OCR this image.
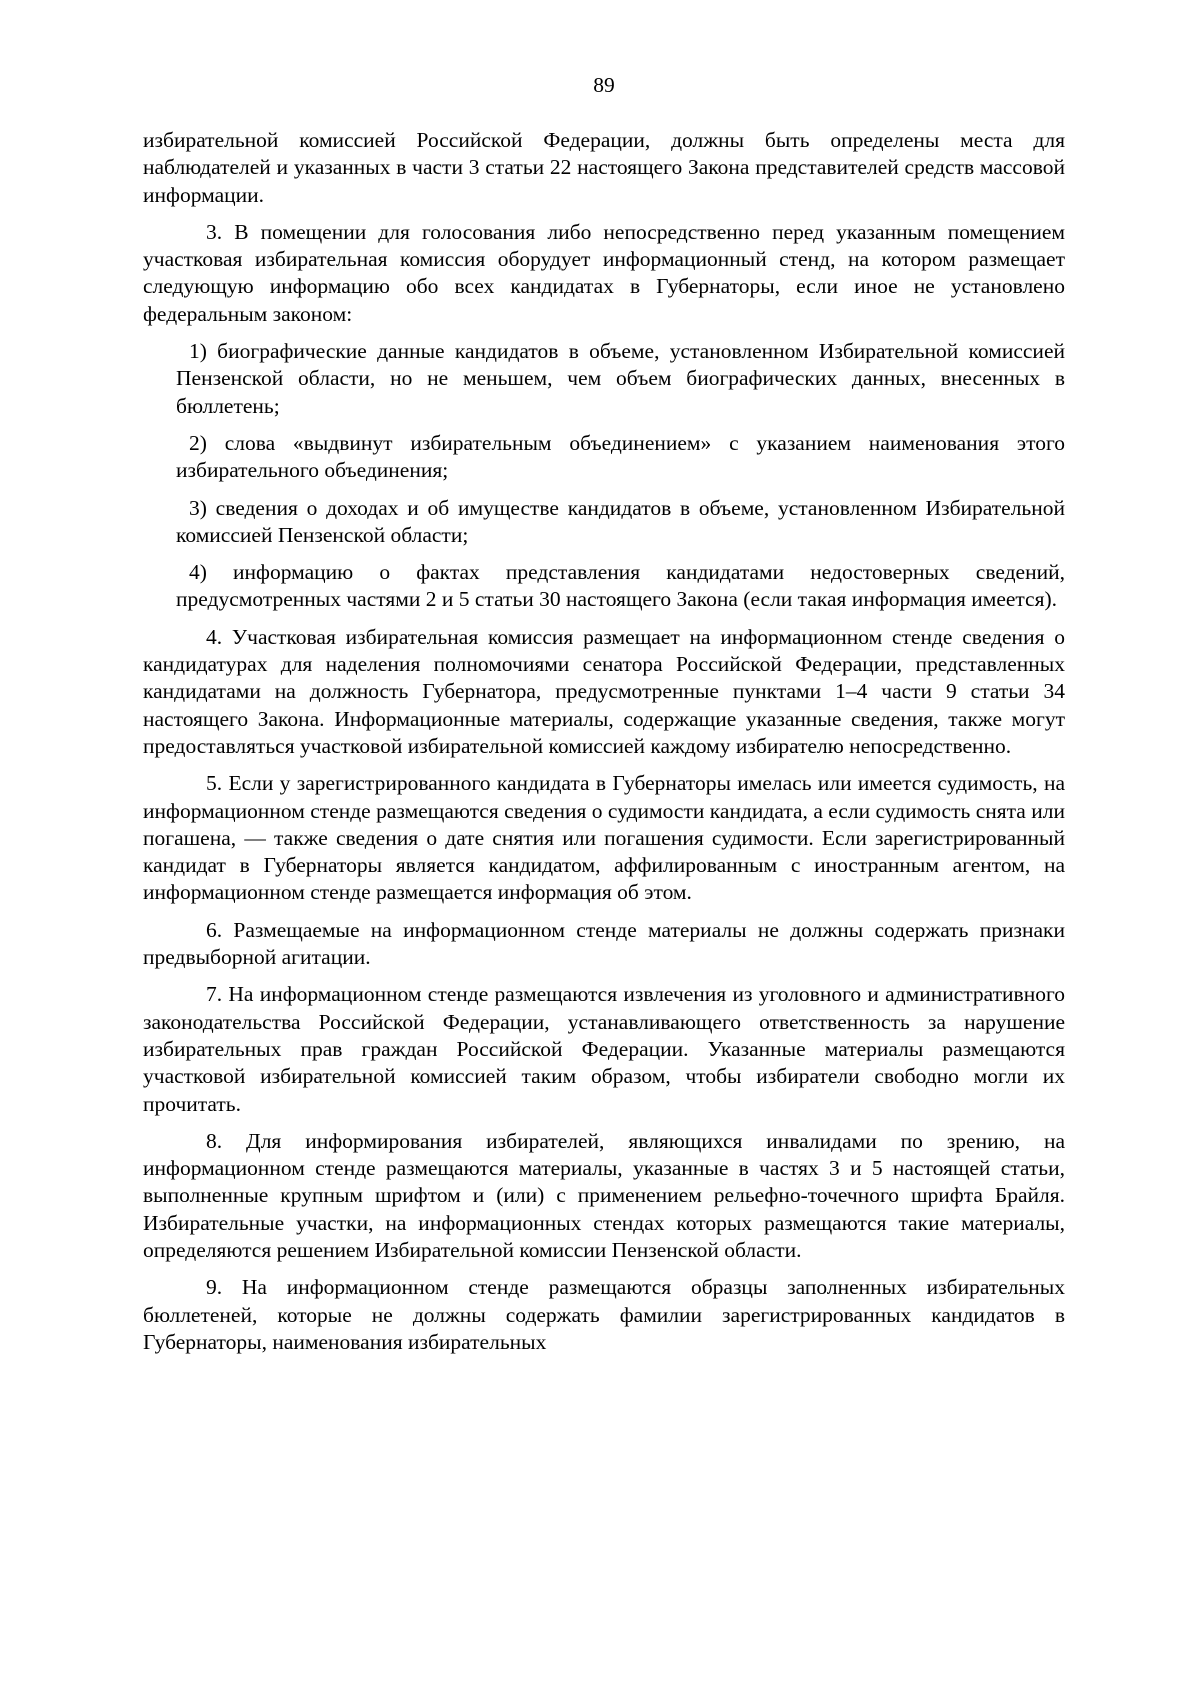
89

избирательной комиссией Российской Федерации, должны быть определены места для наблюдателей и указанных в части 3 статьи 22 настоящего Закона представителей средств массовой информации.

3. В помещении для голосования либо непосредственно перед указанным помещением участковая избирательная комиссия оборудует информационный стенд, на котором размещает следующую информацию обо всех кандидатах в Губернаторы, если иное не установлено федеральным законом:

1) биографические данные кандидатов в объеме, установленном Избирательной комиссией Пензенской области, но не меньшем, чем объем биографических данных, внесенных в бюллетень;

2) слова «выдвинут избирательным объединением» с указанием наименования этого избирательного объединения;

3) сведения о доходах и об имуществе кандидатов в объеме, установленном Избирательной комиссией Пензенской области;

4) информацию о фактах представления кандидатами недостоверных сведений, предусмотренных частями 2 и 5 статьи 30 настоящего Закона (если такая информация имеется).

4. Участковая избирательная комиссия размещает на информационном стенде сведения о кандидатурах для наделения полномочиями сенатора Российской Федерации, представленных кандидатами на должность Губернатора, предусмотренные пунктами 1–4 части 9 статьи 34 настоящего Закона. Информационные материалы, содержащие указанные сведения, также могут предоставляться участковой избирательной комиссией каждому избирателю непосредственно.

5. Если у зарегистрированного кандидата в Губернаторы имелась или имеется судимость, на информационном стенде размещаются сведения о судимости кандидата, а если судимость снята или погашена, — также сведения о дате снятия или погашения судимости. Если зарегистрированный кандидат в Губернаторы является кандидатом, аффилированным с иностранным агентом, на информационном стенде размещается информация об этом.

6. Размещаемые на информационном стенде материалы не должны содержать признаки предвыборной агитации.

7. На информационном стенде размещаются извлечения из уголовного и административного законодательства Российской Федерации, устанавливающего ответственность за нарушение избирательных прав граждан Российской Федерации. Указанные материалы размещаются участковой избирательной комиссией таким образом, чтобы избиратели свободно могли их прочитать.

8. Для информирования избирателей, являющихся инвалидами по зрению, на информационном стенде размещаются материалы, указанные в частях 3 и 5 настоящей статьи, выполненные крупным шрифтом и (или) с применением рельефно-точечного шрифта Брайля. Избирательные участки, на информационных стендах которых размещаются такие материалы, определяются решением Избирательной комиссии Пензенской области.

9. На информационном стенде размещаются образцы заполненных избирательных бюллетеней, которые не должны содержать фамилии зарегистрированных кандидатов в Губернаторы, наименования избирательных
